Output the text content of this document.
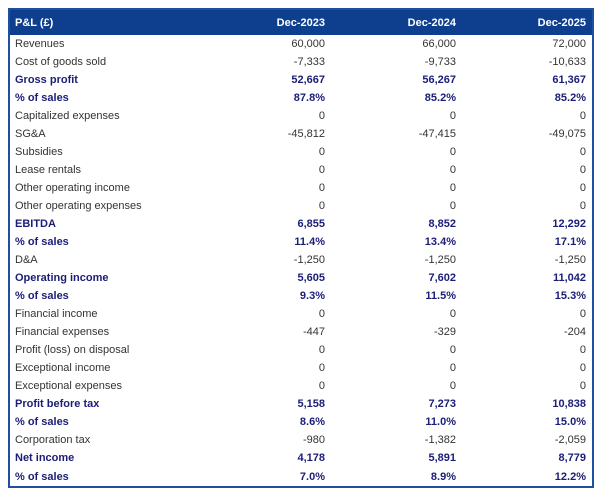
P&L (£)	Dec-2023	Dec-2024	Dec-2025
Revenues	60,000	66,000	72,000
Cost of goods sold	-7,333	-9,733	-10,633
Gross profit	52,667	56,267	61,367
% of sales	87.8%	85.2%	85.2%
Capitalized expenses	0	0	0
SG&A	-45,812	-47,415	-49,075
Subsidies	0	0	0
Lease rentals	0	0	0
Other operating income	0	0	0
Other operating expenses	0	0	0
EBITDA	6,855	8,852	12,292
% of sales	11.4%	13.4%	17.1%
D&A	-1,250	-1,250	-1,250
Operating income	5,605	7,602	11,042
% of sales	9.3%	11.5%	15.3%
Financial income	0	0	0
Financial expenses	-447	-329	-204
Profit (loss) on disposal	0	0	0
Exceptional income	0	0	0
Exceptional expenses	0	0	0
Profit before tax	5,158	7,273	10,838
% of sales	8.6%	11.0%	15.0%
Corporation tax	-980	-1,382	-2,059
Net income	4,178	5,891	8,779
% of sales	7.0%	8.9%	12.2%
